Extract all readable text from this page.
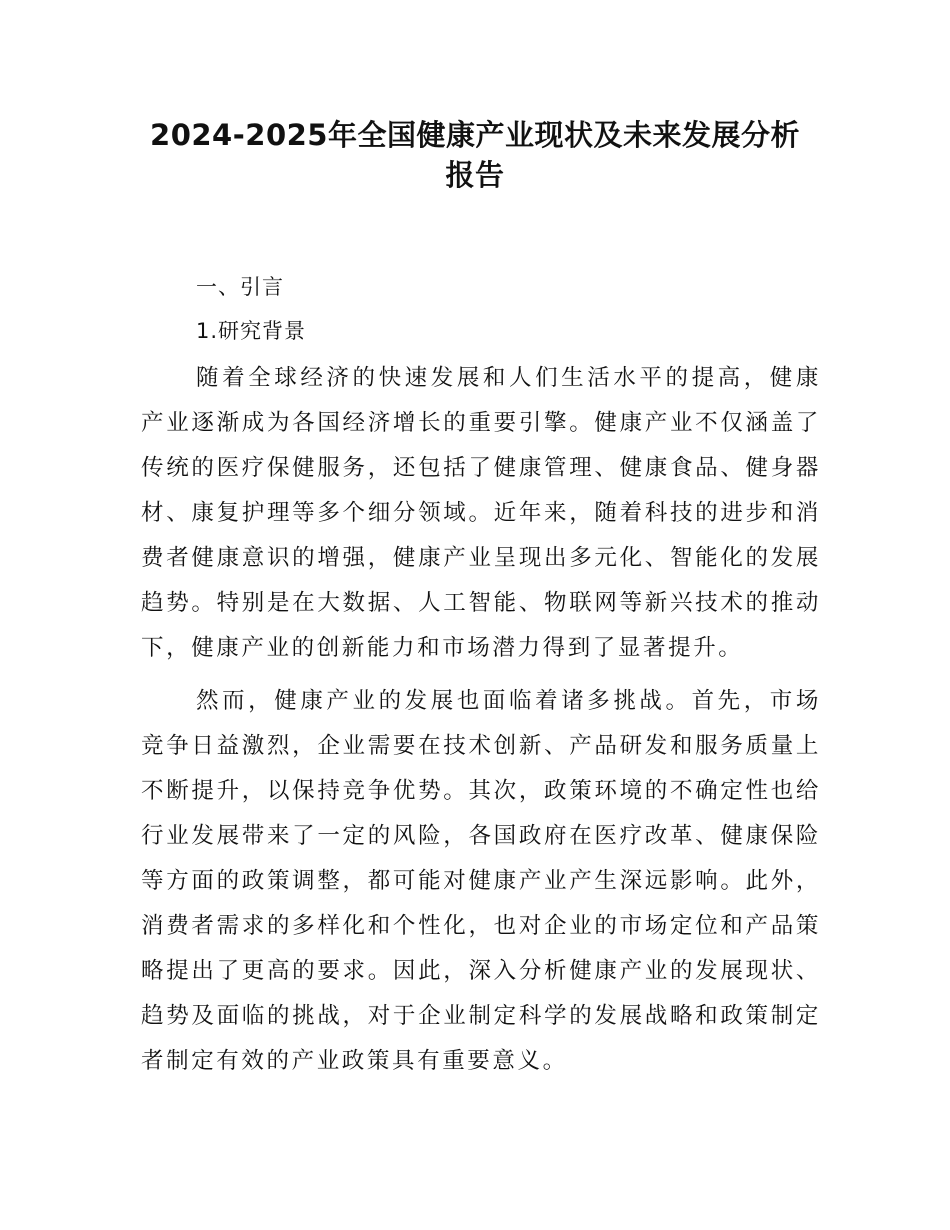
2024-2025年全国健康产业现状及未来发展分析
报告
一、引言
1.研究背景

随着全球经济的快速发展和人们生活水平的提高，健康产业逐渐成为各国经济增长的重要引擎。健康产业不仅涵盖了传统的医疗保健服务，还包括了健康管理、健康食品、健身器材、康复护理等多个细分领域。近年来，随着科技的进步和消费者健康意识的增强，健康产业呈现出多元化、智能化的发展趋势。特别是在大数据、人工智能、物联网等新兴技术的推动下，健康产业的创新能力和市场潜力得到了显著提升。

然而，健康产业的发展也面临着诸多挑战。首先，市场竞争日益激烈，企业需要在技术创新、产品研发和服务质量上不断提升，以保持竞争优势。其次，政策环境的不确定性也给行业发展带来了一定的风险，各国政府在医疗改革、健康保险等方面的政策调整，都可能对健康产业产生深远影响。此外，消费者需求的多样化和个性化，也对企业的市场定位和产品策略提出了更高的要求。因此，深入分析健康产业的发展现状、趋势及面临的挑战，对于企业制定科学的发展战略和政策制定者制定有效的产业政策具有重要意义。
